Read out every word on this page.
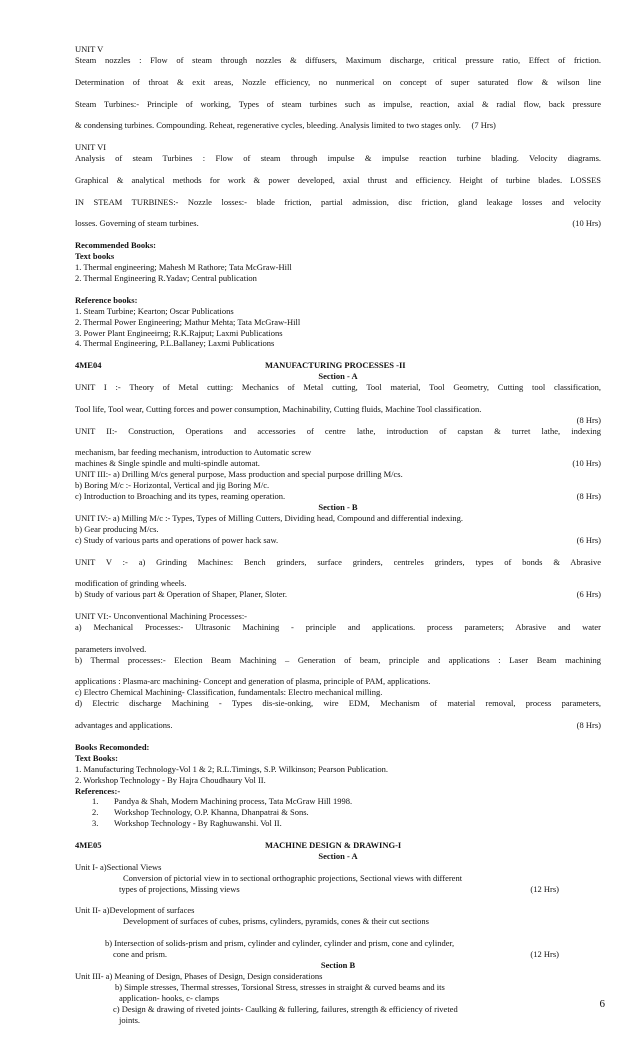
UNIT V

Steam nozzles : Flow of steam through nozzles & diffusers, Maximum discharge, critical pressure ratio, Effect of friction.

Determination of throat & exit areas, Nozzle efficiency, no nunmerical on concept of super saturated flow & wilson line

Steam Turbines:- Principle of working, Types of steam turbines such as impulse, reaction, axial & radial flow, back pressure

& condensing turbines. Compounding. Reheat, regenerative cycles, bleeding. Analysis limited to two stages only. (7 Hrs)

UNIT VI

Analysis of steam Turbines : Flow of steam through impulse & impulse reaction turbine blading. Velocity diagrams.

Graphical & analytical methods for work & power developed, axial thrust and efficiency. Height of turbine blades. LOSSES

IN STEAM TURBINES:- Nozzle losses:- blade friction, partial admission, disc friction, gland leakage losses and velocity

losses. Governing of steam turbines.	(10 Hrs)

Recommended Books:

Text books

1. Thermal engineering; Mahesh M Rathore; Tata McGraw-Hill

2. Thermal Engineering R.Yadav; Central publication

Reference books:

1. Steam Turbine; Kearton; Oscar Publications

2. Thermal Power Engineering; Mathur Mehta; Tata McGraw-Hill

3. Power Plant Engineeirng; R.K.Rajput; Laxmi Publications

4. Thermal Engineering, P.L.Ballaney; Laxmi Publications

4ME04	MANUFACTURING PROCESSES -II

Section - A

UNIT I :- Theory of Metal cutting: Mechanics of Metal cutting, Tool material, Tool Geometry, Cutting tool classification,

Tool life, Tool wear, Cutting forces and power consumption, Machinability, Cutting fluids, Machine Tool classification.

(8 Hrs)

UNIT II:- Construction, Operations and accessories of centre lathe, introduction of capstan & turret lathe, indexing

mechanism, bar feeding mechanism, introduction to Automatic screw

machines & Single spindle and multi-spindle automat.	(10 Hrs)

UNIT III:- a) Drilling M/cs general purpose, Mass production and special purpose drilling M/cs.

b) Boring M/c :- Horizontal, Vertical and jig Boring M/c.

c) Introduction to Broaching and its types, reaming operation.	(8 Hrs)

Section - B

UNIT IV:- a) Milling M/c :- Types, Types of Milling Cutters, Dividing head, Compound and differential indexing.

b) Gear producing M/cs.

c) Study of various parts and operations of power hack saw.	(6 Hrs)

UNIT V :- a) Grinding Machines: Bench grinders, surface grinders, centreles grinders, types of bonds & Abrasive

modification of grinding wheels.

b) Study of various part & Operation of Shaper, Planer, Sloter.	(6 Hrs)

UNIT VI:- Unconventional Machining Processes:-

a) Mechanical Processes:- Ultrasonic Machining - principle and applications. process parameters; Abrasive and water

parameters involved.

b) Thermal processes:- Election Beam Machining – Generation of beam, principle and applications : Laser Beam machining

applications : Plasma-arc machining- Concept and generation of plasma, principle of PAM, applications.

c) Electro Chemical Machining- Classification, fundamentals: Electro mechanical milling.

d) Electric discharge Machining - Types dis-sie-onking, wire EDM, Mechanism of material removal, process parameters,

advantages and applications.	(8 Hrs)

Books Recomonded:

Text Books:

1. Manufacturing Technology-Vol 1 & 2; R.L.Timings, S.P. Wilkinson; Pearson Publication.

2. Workshop Technology - By Hajra Choudhaury Vol II.

References:-

1.	Pandya & Shah, Modern Machining process, Tata McGraw Hill 1998.
2.	Workshop Technology, O.P. Khanna, Dhanpatrai & Sons.
3.	Workshop Technology - By Raghuwanshi. Vol II.
4ME05	MACHINE DESIGN & DRAWING-I

Section - A

Unit I- a)Sectional Views

Conversion of pictorial view in to sectional orthographic projections, Sectional views with different

types of projections, Missing views	(12 Hrs)

Unit II- a)Development of surfaces

Development of surfaces of cubes, prisms, cylinders, pyramids, cones & their cut sections

b) Intersection of solids-prism and prism, cylinder and cylinder, cylinder and prism, cone and cylinder,

cone and prism.	(12 Hrs)

Section B

Unit III- a) Meaning of Design, Phases of Design, Design considerations

b) Simple stresses, Thermal stresses, Torsional Stress, stresses in straight & curved beams and its

application- hooks, c- clamps

c) Design & drawing of riveted joints- Caulking & fullering, failures, strength & efficiency of riveted

joints.

6
